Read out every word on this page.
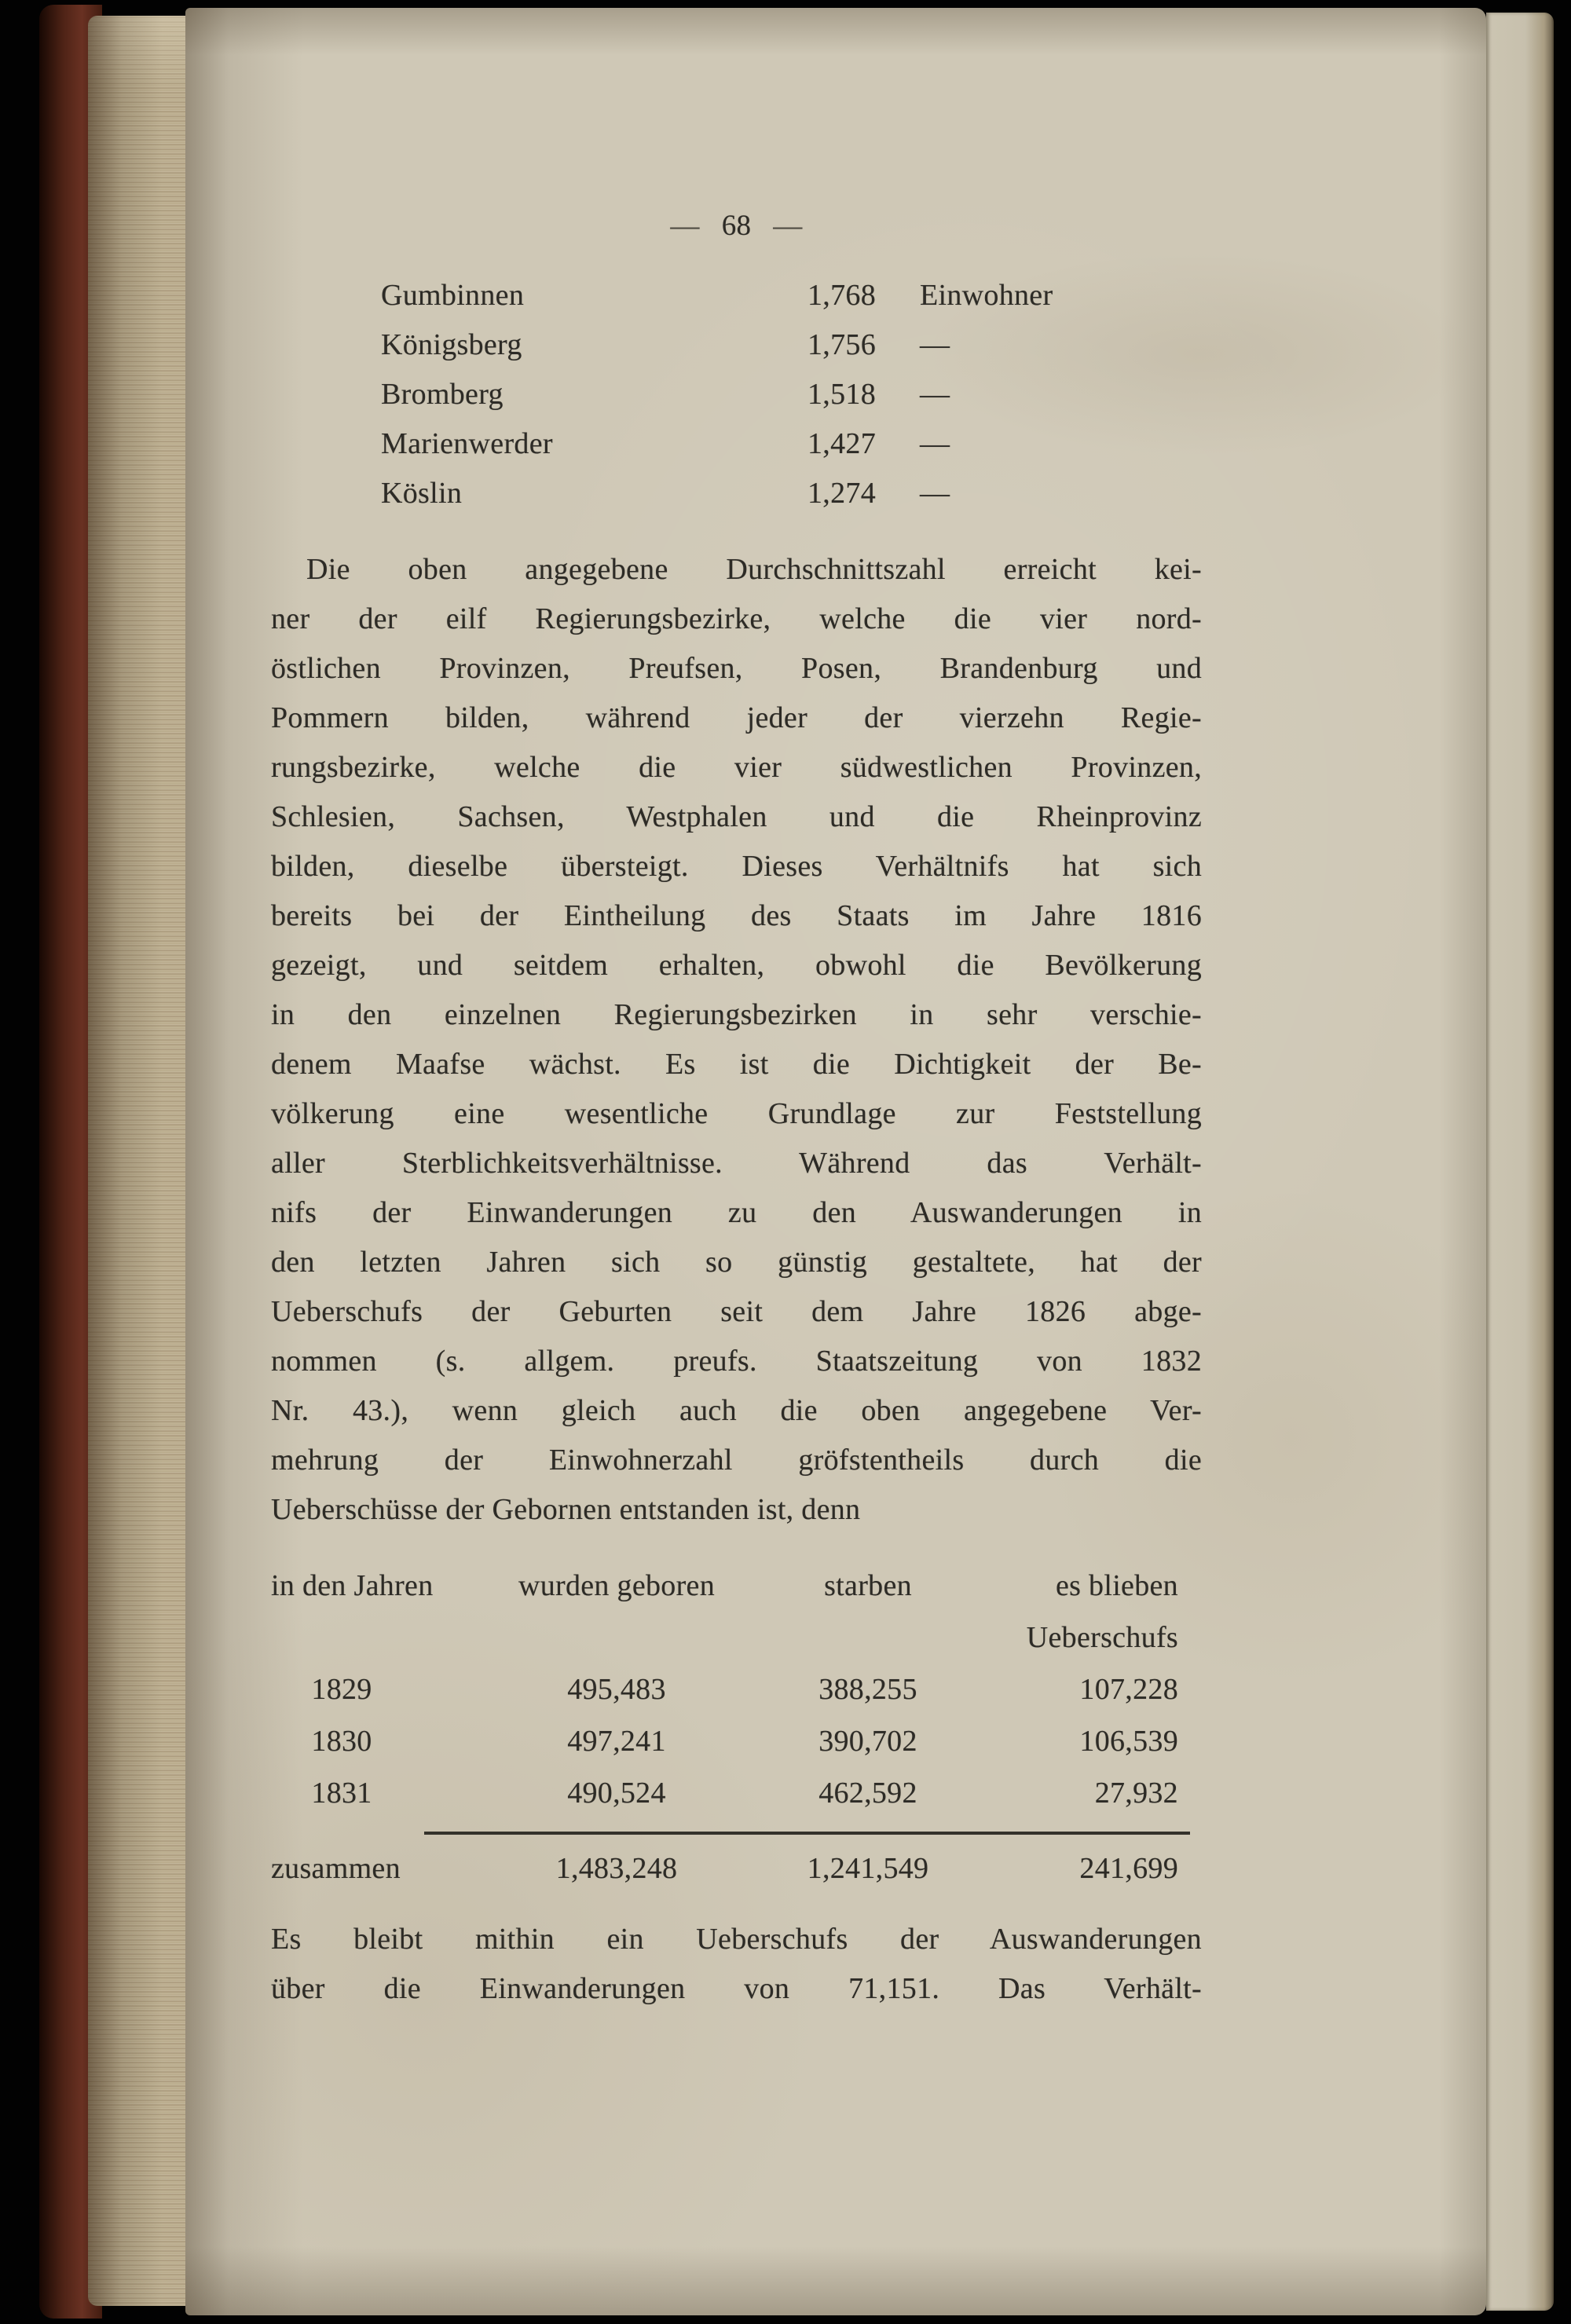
— 68 —
Gumbinnen	1,768	Einwohner
Königsberg	1,756	—
Bromberg	1,518	—
Marienwerder	1,427	—
Köslin	1,274	—
Die oben angegebene Durchschnittszahl erreicht kei-
ner der eilf Regierungsbezirke, welche die vier nord-
östlichen Provinzen, Preufsen, Posen, Brandenburg und
Pommern bilden, während jeder der vierzehn Regie-
rungsbezirke, welche die vier südwestlichen Provinzen,
Schlesien, Sachsen, Westphalen und die Rheinprovinz
bilden, dieselbe übersteigt. Dieses Verhältnifs hat sich
bereits bei der Eintheilung des Staats im Jahre 1816
gezeigt, und seitdem erhalten, obwohl die Bevölkerung
in den einzelnen Regierungsbezirken in sehr verschie-
denem Maafse wächst. Es ist die Dichtigkeit der Be-
völkerung eine wesentliche Grundlage zur Feststellung
aller Sterblichkeitsverhältnisse. Während das Verhält-
nifs der Einwanderungen zu den Auswanderungen in
den letzten Jahren sich so günstig gestaltete, hat der
Ueberschufs der Geburten seit dem Jahre 1826 abge-
nommen (s. allgem. preufs. Staatszeitung von 1832
Nr. 43.), wenn gleich auch die oben angegebene Ver-
mehrung der Einwohnerzahl gröfstentheils durch die
Ueberschüsse der Gebornen entstanden ist, denn
in den Jahren	wurden geboren	starben	es blieben
Ueberschufs
1829	495,483	388,255	107,228
1830	497,241	390,702	106,539
1831	490,524	462,592	27,932
zusammen	1,483,248	1,241,549	241,699
Es bleibt mithin ein Ueberschufs der Auswanderungen
über die Einwanderungen von 71,151. Das Verhält-
